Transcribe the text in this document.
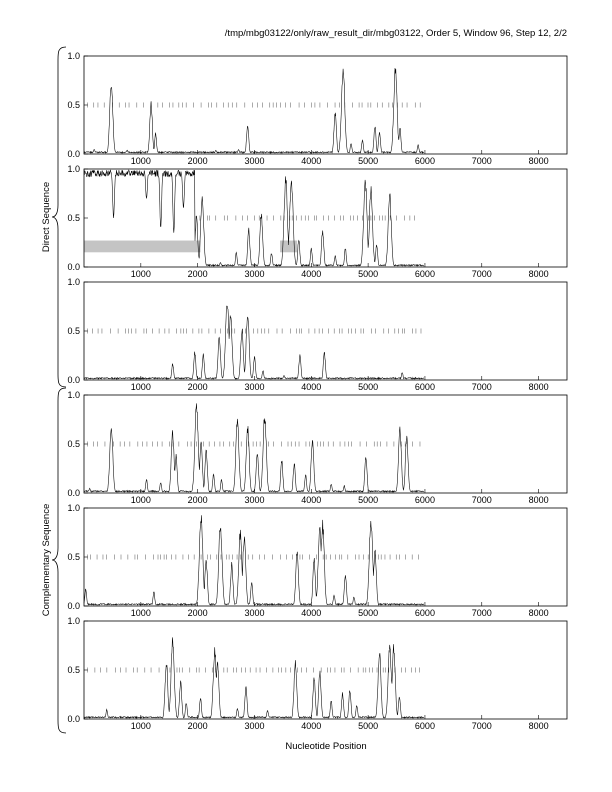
/tmp/mbg03122/only/raw_result_dir/mbg03122, Order 5, Window 96, Step 12, 2/2
0.0
0.5
1.0
1000	2000	3000	4000	5000	6000	7000	8000
0.0
0.5
1.0
1000	2000	3000	4000	5000	6000	7000	8000
0.0
0.5
1.0
1000	2000	3000	4000	5000	6000	7000	8000
0.0
0.5
1.0
1000	2000	3000	4000	5000	6000	7000	8000
0.0
0.5
1.0
1000	2000	3000	4000	5000	6000	7000	8000
0.0
0.5
1.0
1000	2000	3000	4000	5000	6000	7000	8000
Nucleotide Position
Direct Sequence
Complementary Sequence
